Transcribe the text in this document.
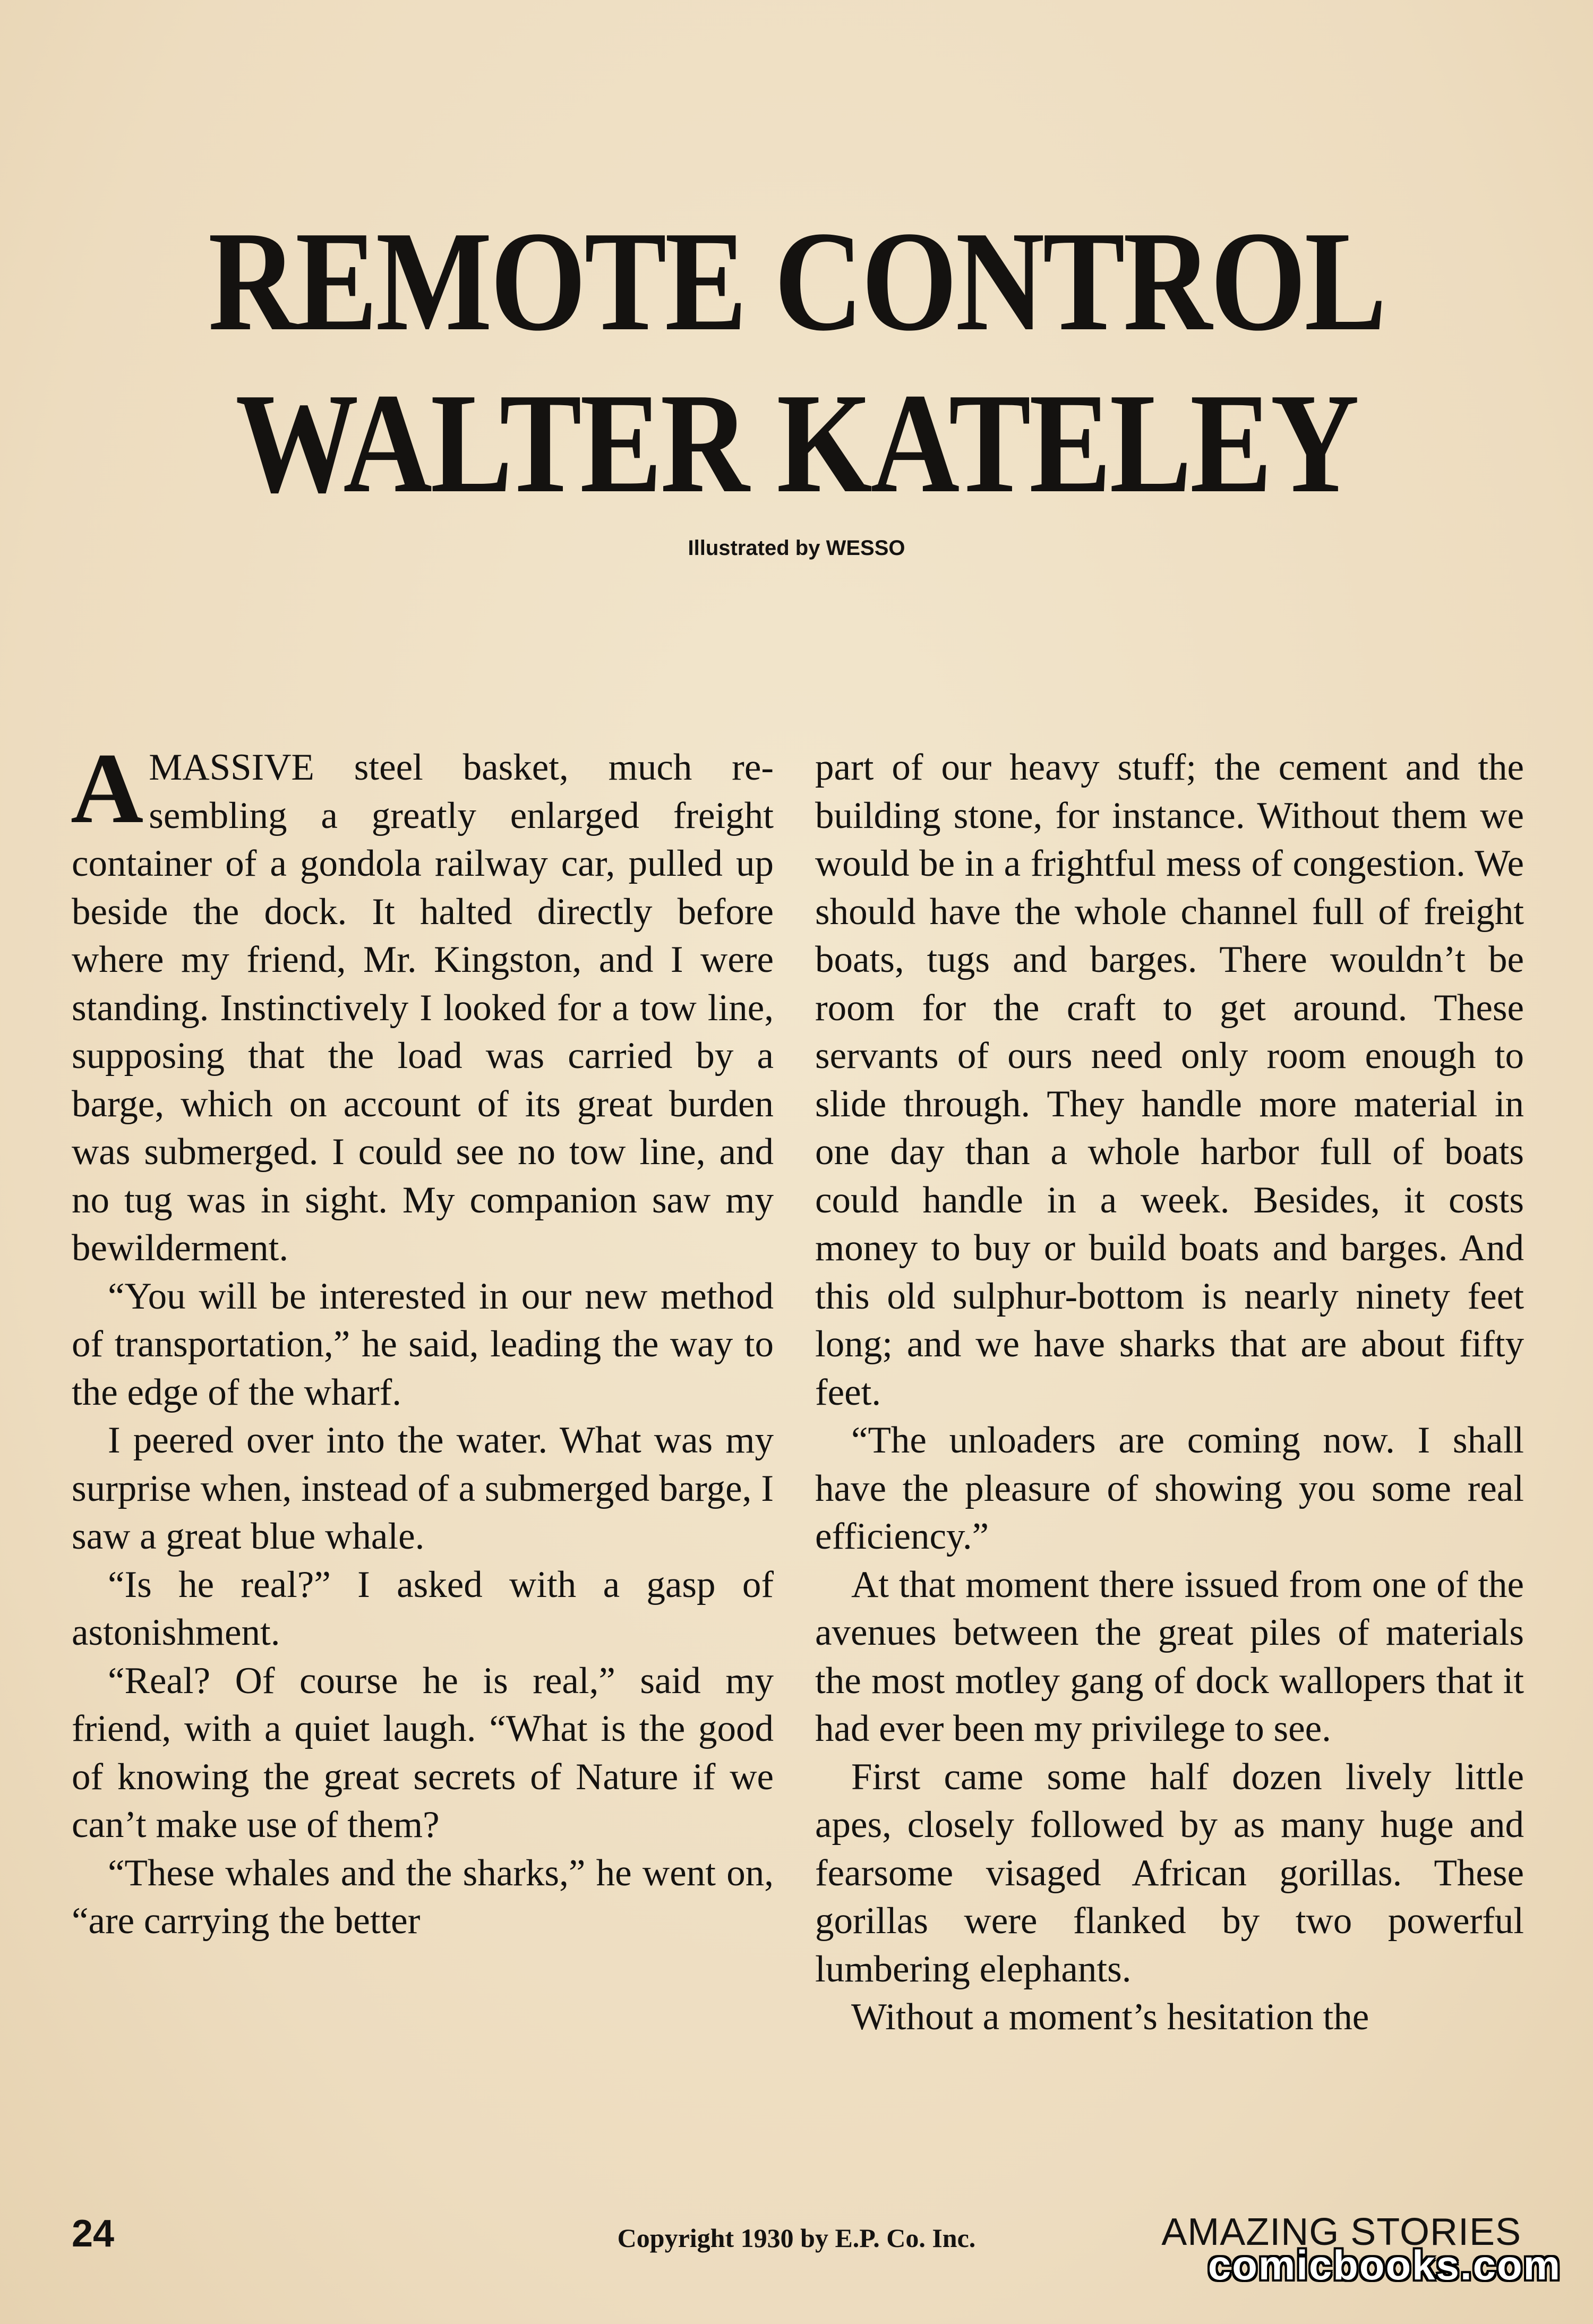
REMOTE CONTROL
WALTER KATELEY
Illustrated by WESSO

AMASSIVE steel basket, much resembling a greatly enlarged freight container of a gondola railway car, pulled up beside the dock. It halted directly before where my friend, Mr. Kingston, and I were standing. Instinctively I looked for a tow line, supposing that the load was carried by a barge, which on account of its great burden was submerged. I could see no tow line, and no tug was in sight. My companion saw my bewilderment.

“You will be interested in our new method of transportation,” he said, leading the way to the edge of the wharf.

I peered over into the water. What was my surprise when, instead of a submerged barge, I saw a great blue whale.

“Is he real?” I asked with a gasp of astonishment.

“Real? Of course he is real,” said my friend, with a quiet laugh. “What is the good of knowing the great secrets of Nature if we can’t make use of them?

“These whales and the sharks,” he went on, “are carrying the better

part of our heavy stuff; the cement and the building stone, for instance. Without them we would be in a frightful mess of congestion. We should have the whole channel full of freight boats, tugs and barges. There wouldn’t be room for the craft to get around. These servants of ours need only room enough to slide through. They handle more material in one day than a whole harbor full of boats could handle in a week. Besides, it costs money to buy or build boats and barges. And this old sulphur-bottom is nearly ninety feet long; and we have sharks that are about fifty feet.

“The unloaders are coming now. I shall have the pleasure of showing you some real efficiency.”

At that moment there issued from one of the avenues between the great piles of materials the most motley gang of dock wallopers that it had ever been my privilege to see.

First came some half dozen lively little apes, closely followed by as many huge and fearsome visaged African gorillas. These gorillas were flanked by two powerful lumbering elephants.

Without a moment’s hesitation the

24	Copyright 1930 by E.P. Co. Inc.	AMAZING STORIES
comicbooks.com
